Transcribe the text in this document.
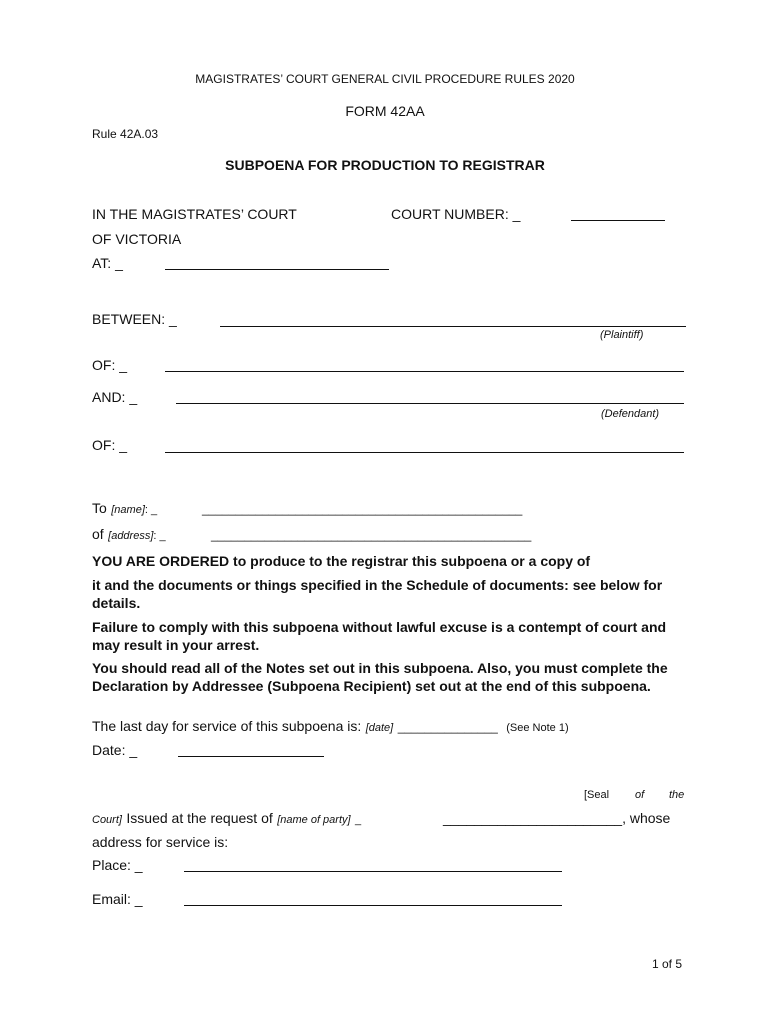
MAGISTRATES’ COURT GENERAL CIVIL PROCEDURE RULES 2020
FORM 42AA
Rule 42A.03
SUBPOENA FOR PRODUCTION TO REGISTRAR
IN THE MAGISTRATES’ COURT	COURT NUMBER: _
OF VICTORIA
AT: _
BETWEEN: _
(Plaintiff)
OF: _
AND: _
(Defendant)
OF: _
To [name]: _	________________________________________________
of [address]: _	________________________________________________
YOU ARE ORDERED to produce to the registrar this subpoena or a copy of
it and the documents or things specified in the Schedule of documents: see below for details.
Failure to comply with this subpoena without lawful excuse is a contempt of court and may result in your arrest.
You should read all of the Notes set out in this subpoena. Also, you must complete the Declaration by Addressee (Subpoena Recipient) set out at the end of this subpoena.
The last day for service of this subpoena is: [date] _______________ (See Note 1)
Date: _
[Seal of the
Court] Issued at the request of [name of party] _	_______________________, whose
address for service is:
Place: _
Email: _
1 of 5
